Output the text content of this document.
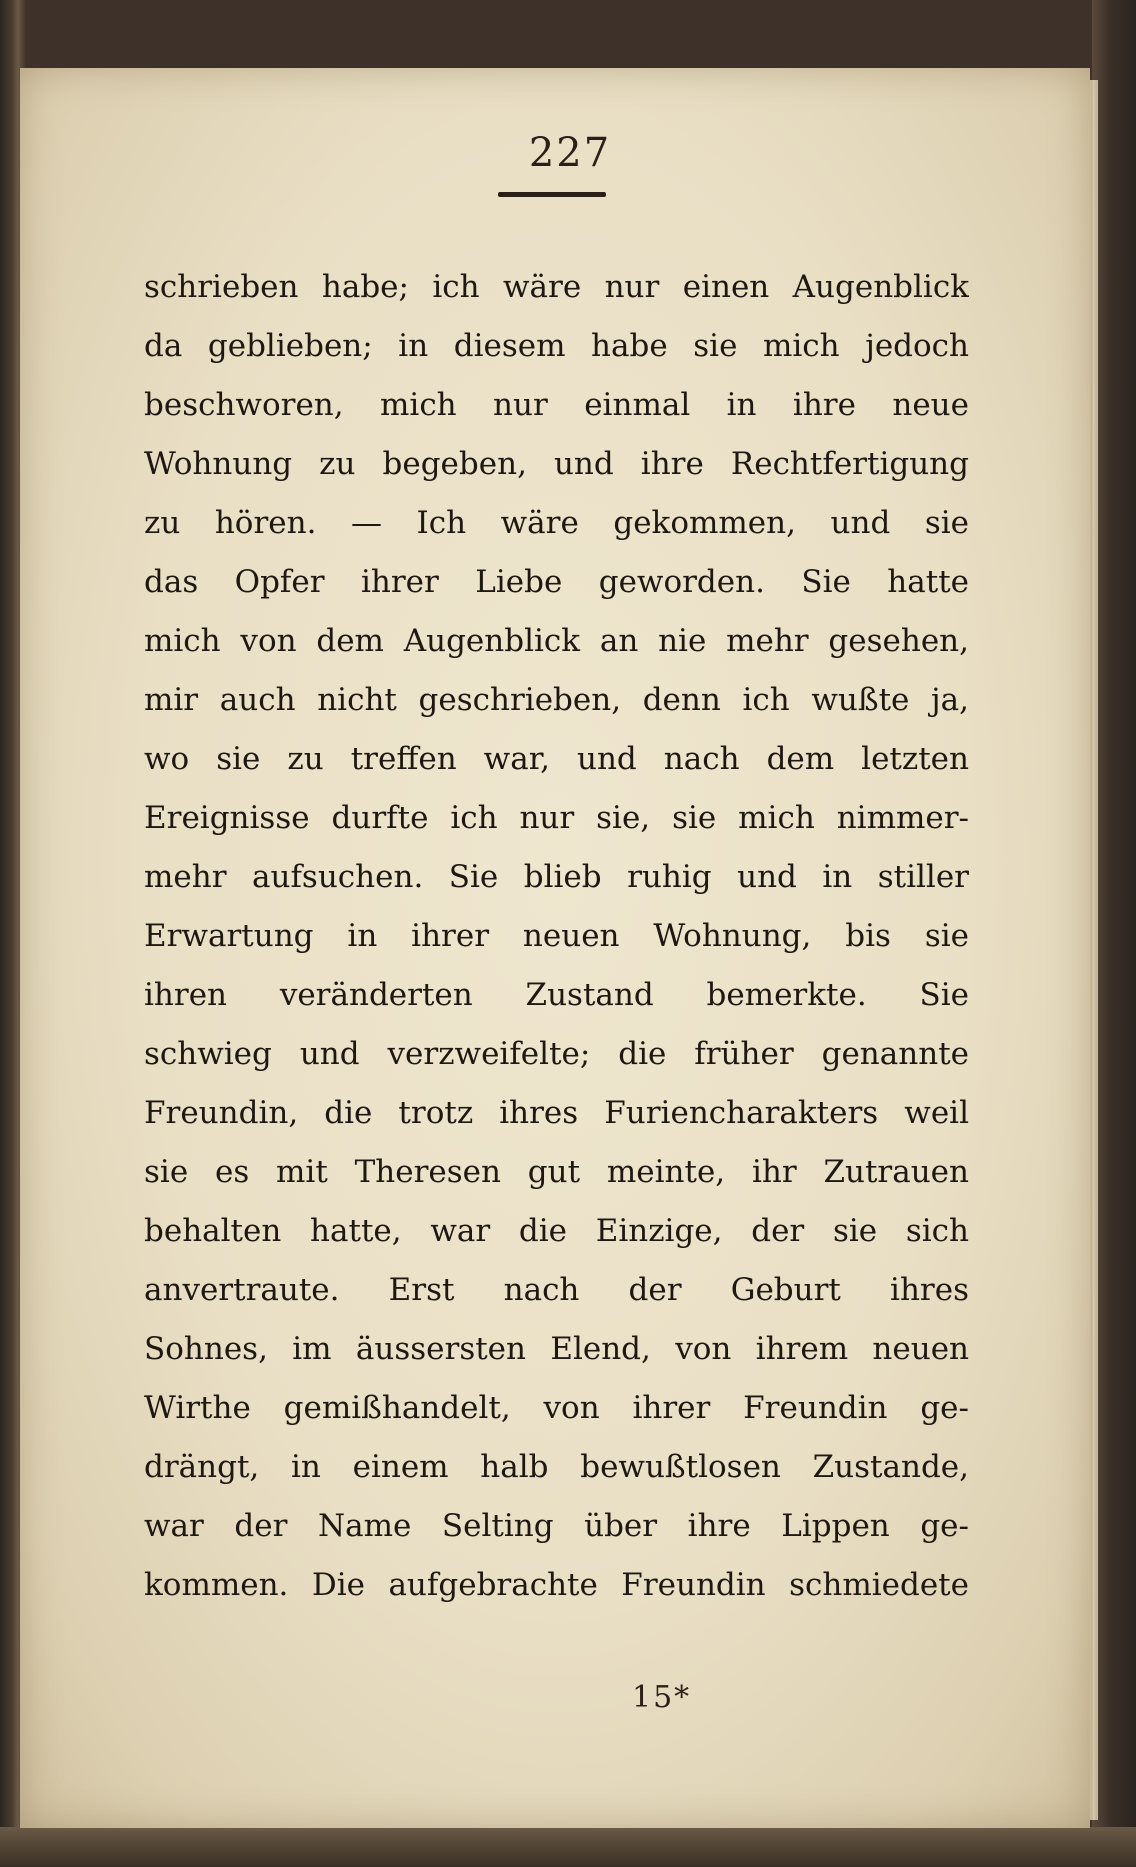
227
schrieben habe; ich wäre nur einen Augenblick
da geblieben; in diesem habe sie mich jedoch
beschworen, mich nur einmal in ihre neue
Wohnung zu begeben, und ihre Rechtfertigung
zu hören. — Ich wäre gekommen, und sie
das Opfer ihrer Liebe geworden. Sie hatte
mich von dem Augenblick an nie mehr gesehen,
mir auch nicht geschrieben, denn ich wußte ja,
wo sie zu treffen war, und nach dem letzten
Ereignisse durfte ich nur sie, sie mich nimmer-
mehr aufsuchen. Sie blieb ruhig und in stiller
Erwartung in ihrer neuen Wohnung, bis sie
ihren veränderten Zustand bemerkte. Sie
schwieg und verzweifelte; die früher genannte
Freundin, die trotz ihres Furiencharakters weil
sie es mit Theresen gut meinte, ihr Zutrauen
behalten hatte, war die Einzige, der sie sich
anvertraute. Erst nach der Geburt ihres
Sohnes, im äussersten Elend, von ihrem neuen
Wirthe gemißhandelt, von ihrer Freundin ge-
drängt, in einem halb bewußtlosen Zustande,
war der Name Selting über ihre Lippen ge-
kommen. Die aufgebrachte Freundin schmiedete
15*
